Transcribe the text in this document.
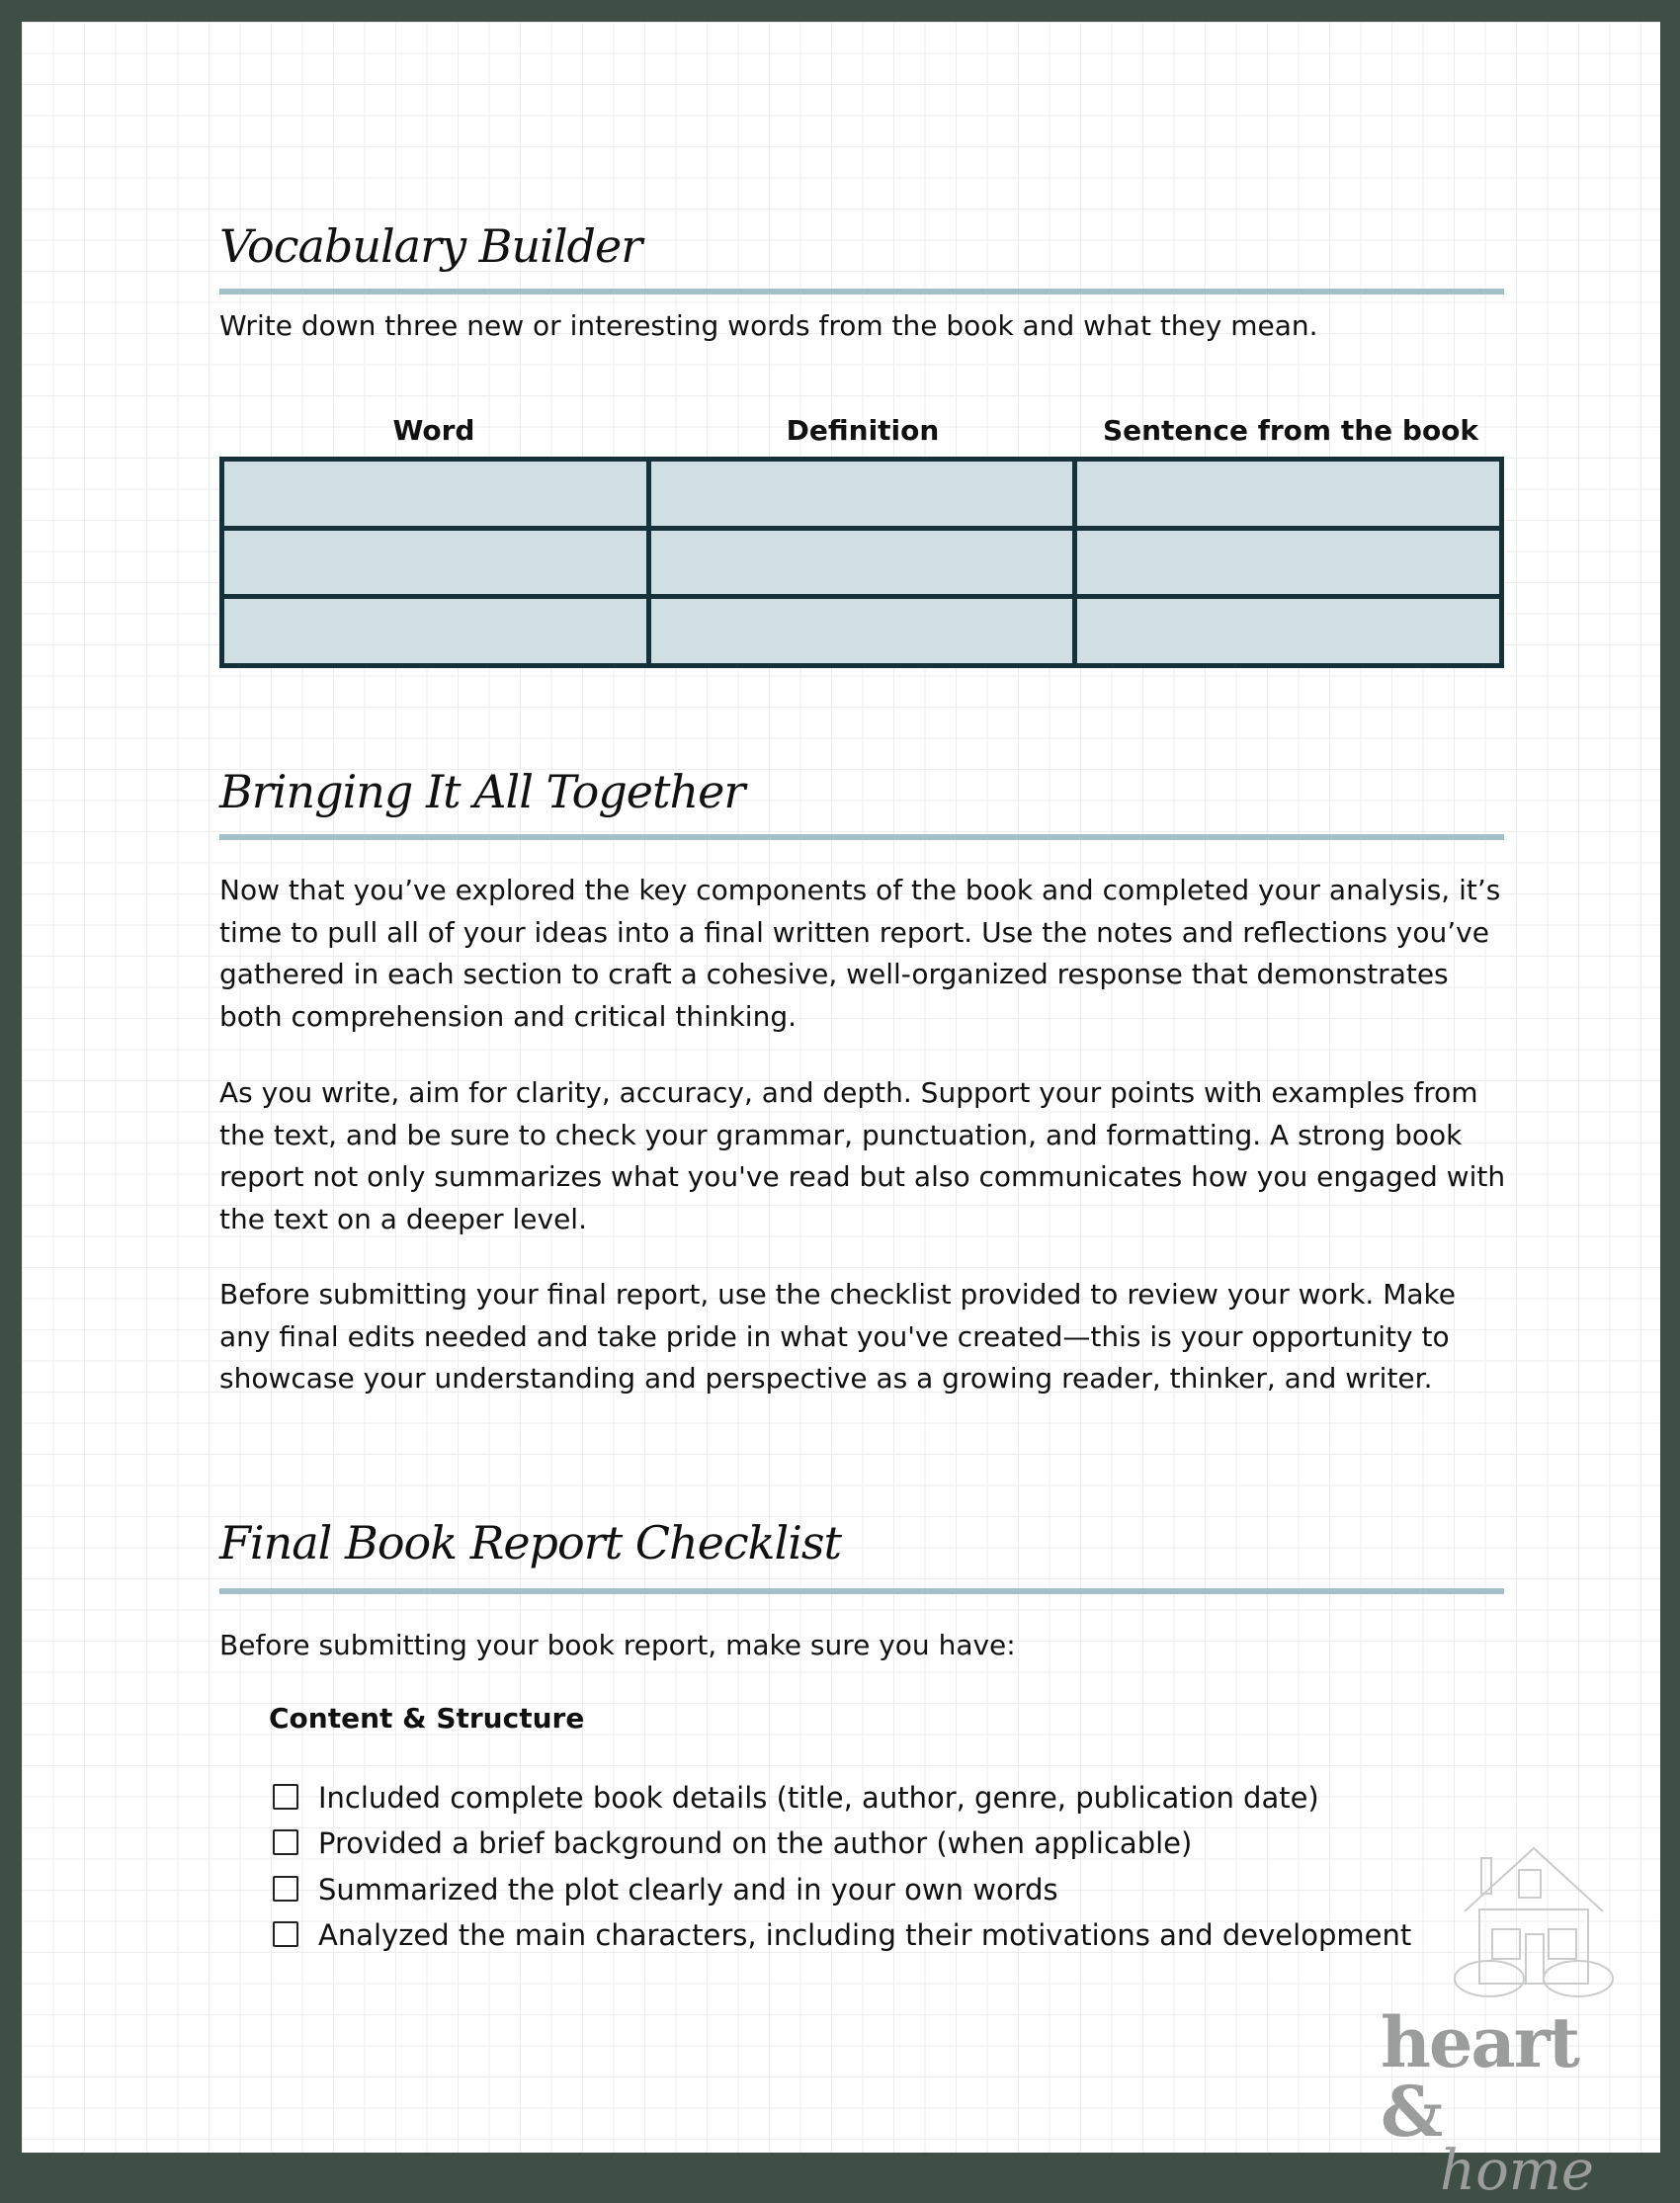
Vocabulary Builder
Write down three new or interesting words from the book and what they mean.
Word	Definition	Sentence from the book

Bringing It All Together

Now that you’ve explored the key components of the book and completed your analysis, it’s time to pull all of your ideas into a final written report. Use the notes and reflections you’ve gathered in each section to craft a cohesive, well-organized response that demonstrates both comprehension and critical thinking.

As you write, aim for clarity, accuracy, and depth. Support your points with examples from the text, and be sure to check your grammar, punctuation, and formatting. A strong book report not only summarizes what you've read but also communicates how you engaged with the text on a deeper level.

Before submitting your final report, use the checklist provided to review your work. Make any final edits needed and take pride in what you've created—this is your opportunity to showcase your understanding and perspective as a growing reader, thinker, and writer.

Final Book Report Checklist
Before submitting your book report, make sure you have:
Content & Structure
Included complete book details (title, author, genre, publication date)
Provided a brief background on the author (when applicable)
Summarized the plot clearly and in your own words
Analyzed the main characters, including their motivations and development
heart &
home
